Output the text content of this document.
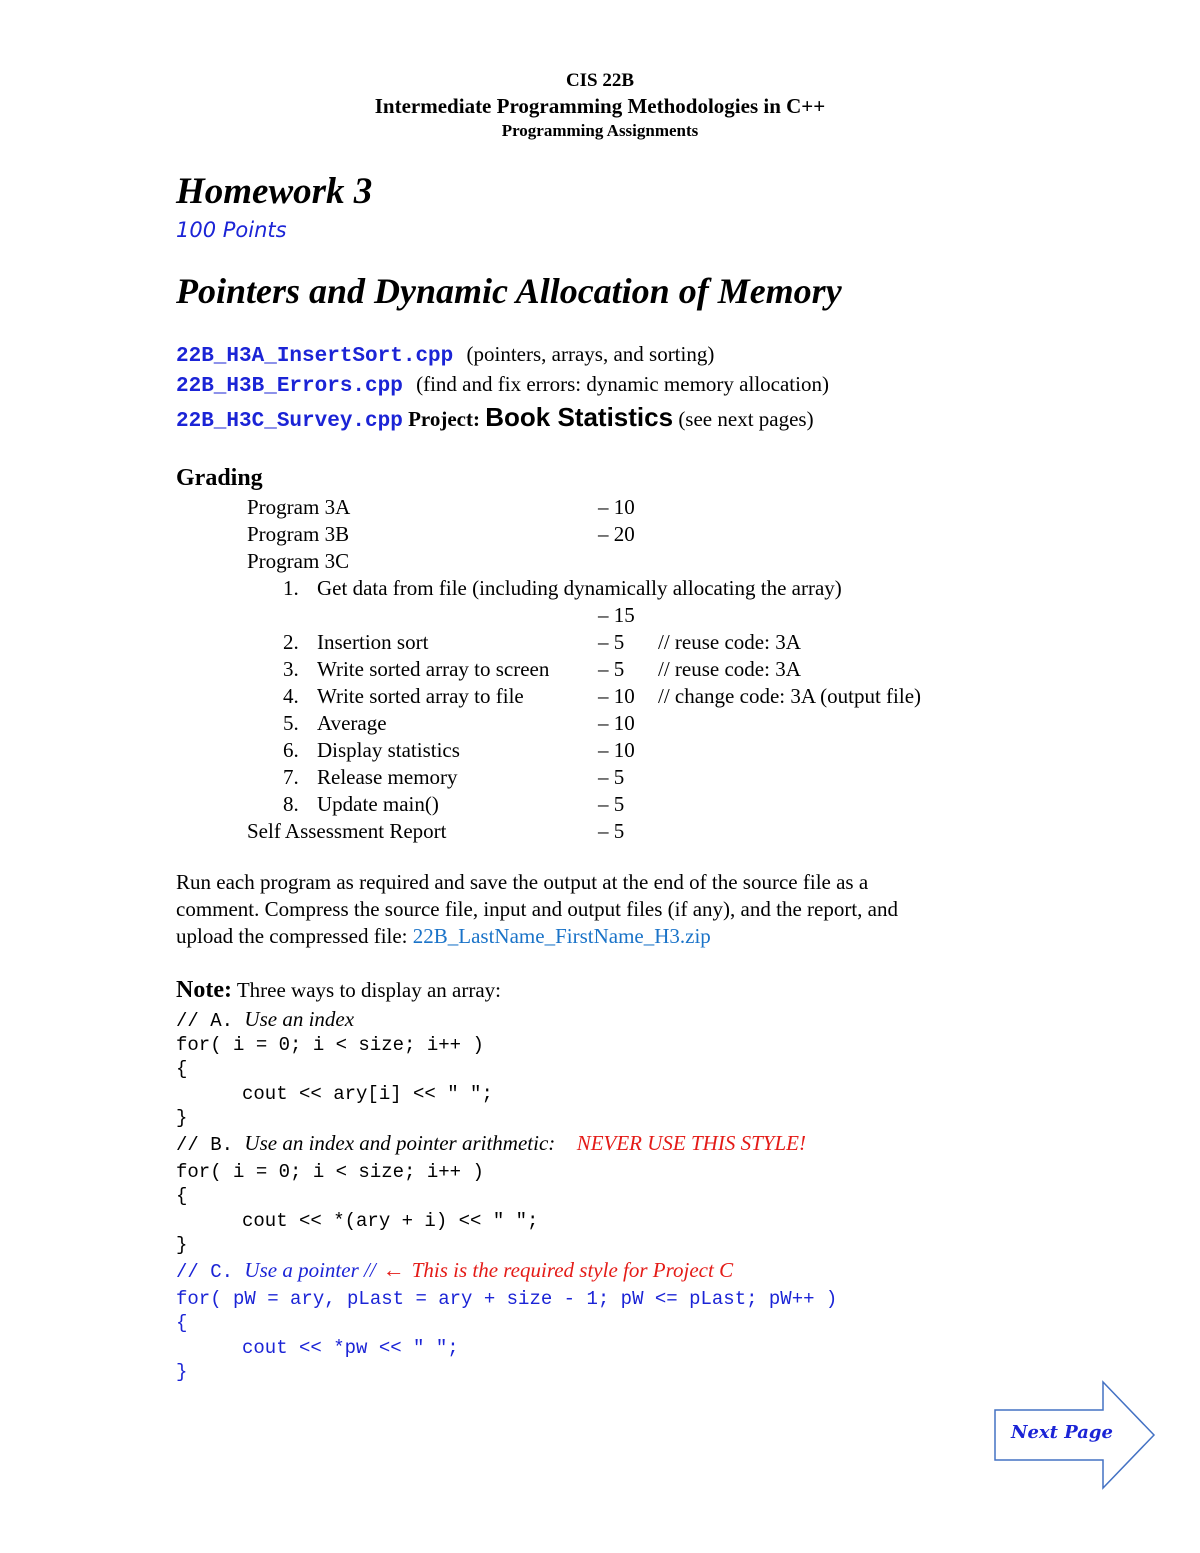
CIS 22B
Intermediate Programming Methodologies in C++
Programming Assignments
Homework 3
100 Points
Pointers and Dynamic Allocation of Memory
22B_H3A_InsertSort.cpp (pointers, arrays, and sorting)
22B_H3B_Errors.cpp (find and fix errors: dynamic memory allocation)
22B_H3C_Survey.cpp Project: Book Statistics (see next pages)
Grading
Program 3A	– 10
Program 3B	– 20
Program 3C
1. Get data from file (including dynamically allocating the array)
– 15
2. Insertion sort	– 5 // reuse code: 3A
3. Write sorted array to screen – 5 // reuse code: 3A
4. Write sorted array to file	– 10 // change code: 3A (output file)
5. Average	– 10
6. Display statistics	– 10
7. Release memory	– 5
8. Update main()	– 5
Self Assessment Report	– 5
Run each program as required and save the output at the end of the source file as a
comment. Compress the source file, input and output files (if any), and the report, and
upload the compressed file: 22B_LastName_FirstName_H3.zip
Note: Three ways to display an array:
// A. Use an index
for( i = 0; i < size; i++ )
{
cout << ary[i] << " ";
}
// B. Use an index and pointer arithmetic: NEVER USE THIS STYLE!
for( i = 0; i < size; i++ )
{
cout << *(ary + i) << " ";
}
// C. Use a pointer // ← This is the required style for Project C
for( pW = ary, pLast = ary + size - 1; pW <= pLast; pW++ )
{
cout << *pw << " ";
}
Next Page
